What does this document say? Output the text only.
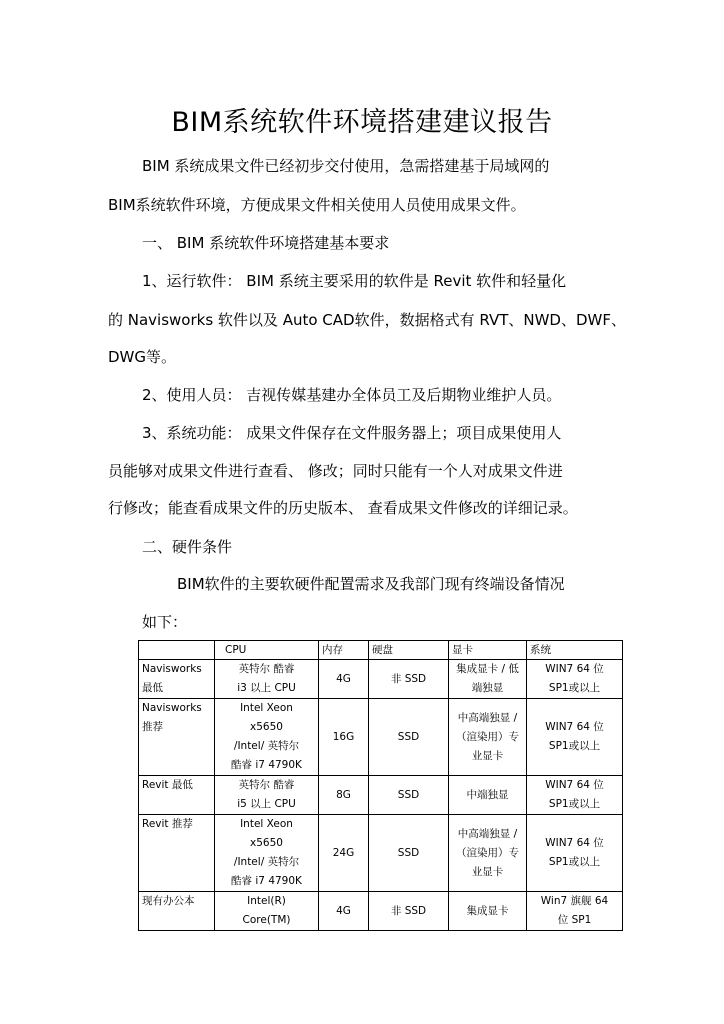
BIM系统软件环境搭建建议报告
BIM 系统成果文件已经初步交付使用，急需搭建基于局域网的
BIM系统软件环境，方便成果文件相关使用人员使用成果文件。
一、 BIM 系统软件环境搭建基本要求
1、运行软件： BIM 系统主要采用的软件是 Revit 软件和轻量化
的 Navisworks 软件以及 Auto CAD软件，数据格式有 RVT、NWD、DWF、
DWG等。
2、使用人员： 吉视传媒基建办全体员工及后期物业维护人员。
3、系统功能： 成果文件保存在文件服务器上；项目成果使用人
员能够对成果文件进行查看、 修改；同时只能有一个人对成果文件进
行修改；能查看成果文件的历史版本、 查看成果文件修改的详细记录。
二、硬件条件
BIM软件的主要软硬件配置需求及我部门现有终端设备情况
如下：
	CPU	内存	硬盘	显卡	系统

Navisworks
最低	英特尔 酷睿
i3 以上 CPU	4G	非 SSD	集成显卡 / 低
端独显	WIN7 64 位
SP1或以上

Navisworks
推荐	Intel Xeon
x5650
/Intel/ 英特尔
酷睿 i7 4790K	16G	SSD	中高端独显 /
（渲染用）专
业显卡	WIN7 64 位
SP1或以上

Revit 最低	英特尔 酷睿
i5 以上 CPU	8G	SSD	中端独显	WIN7 64 位
SP1或以上

Revit 推荐	Intel Xeon
x5650
/Intel/ 英特尔
酷睿 i7 4790K	24G	SSD	中高端独显 /
（渲染用）专
业显卡	WIN7 64 位
SP1或以上

现有办公本	Intel(R)
Core(TM)	4G	非 SSD	集成显卡	Win7 旗舰 64
位 SP1
